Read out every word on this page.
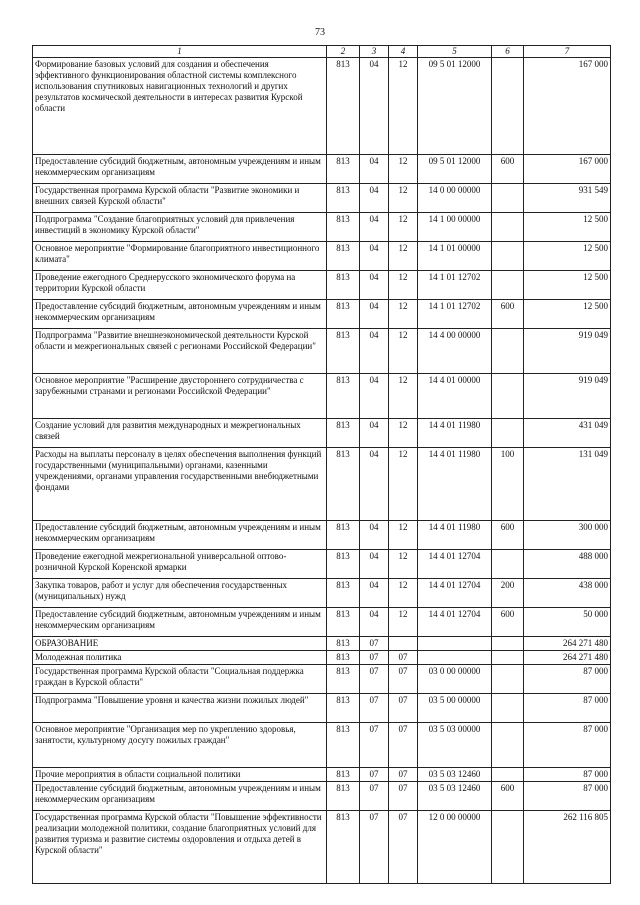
73
1	2	3	4	5	6	7
Формирование базовых условий для создания и обеспечения эффективного функционирования областной системы комплексного использования спутниковых навигационных технологий и других результатов космической деятельности в интересах развития Курской области	813	04	12	09 5 01 12000		167 000
Предоставление субсидий бюджетным, автономным учреждениям и иным некоммерческим организациям	813	04	12	09 5 01 12000	600	167 000
Государственная программа Курской области "Развитие экономики и внешних связей Курской области"	813	04	12	14 0 00 00000		931 549
Подпрограмма "Создание благоприятных условий для привлечения инвестиций в экономику Курской области"	813	04	12	14 1 00 00000		12 500
Основное мероприятие "Формирование благоприятного инвестиционного климата"	813	04	12	14 1 01 00000		12 500
Проведение ежегодного Среднерусского экономического форума на территории Курской области	813	04	12	14 1 01 12702		12 500
Предоставление субсидий бюджетным, автономным учреждениям и иным некоммерческим организациям	813	04	12	14 1 01 12702	600	12 500
Подпрограмма "Развитие внешнеэкономической деятельности Курской области и межрегиональных связей с регионами Российской Федерации"	813	04	12	14 4 00 00000		919 049
Основное мероприятие "Расширение двустороннего сотрудничества с зарубежными странами и регионами Российской Федерации"	813	04	12	14 4 01 00000		919 049
Создание условий для развития международных и межрегиональных связей	813	04	12	14 4 01 11980		431 049
Расходы на выплаты персоналу в целях обеспечения выполнения функций государственными (муниципальными) органами, казенными учреждениями, органами управления государственными внебюджетными фондами	813	04	12	14 4 01 11980	100	131 049
Предоставление субсидий бюджетным, автономным учреждениям и иным некоммерческим организациям	813	04	12	14 4 01 11980	600	300 000
Проведение ежегодной межрегиональной универсальной оптово-розничной Курской Коренской ярмарки	813	04	12	14 4 01 12704		488 000
Закупка товаров, работ и услуг для обеспечения государственных (муниципальных) нужд	813	04	12	14 4 01 12704	200	438 000
Предоставление субсидий бюджетным, автономным учреждениям и иным некоммерческим организациям	813	04	12	14 4 01 12704	600	50 000
ОБРАЗОВАНИЕ	813	07				264 271 480
Молодежная политика	813	07	07			264 271 480
Государственная программа Курской области "Социальная поддержка граждан в Курской области"	813	07	07	03 0 00 00000		87 000
Подпрограмма "Повышение уровня и качества жизни пожилых людей"	813	07	07	03 5 00 00000		87 000
Основное мероприятие "Организация мер по укреплению здоровья, занятости, культурному досугу пожилых граждан"	813	07	07	03 5 03 00000		87 000
Прочие мероприятия в области социальной политики	813	07	07	03 5 03 12460		87 000
Предоставление субсидий бюджетным, автономным учреждениям и иным некоммерческим организациям	813	07	07	03 5 03 12460	600	87 000
Государственная программа Курской области "Повышение эффективности реализации молодежной политики, создание благоприятных условий для развития туризма и развитие системы оздоровления и отдыха детей в Курской области"	813	07	07	12 0 00 00000		262 116 805
